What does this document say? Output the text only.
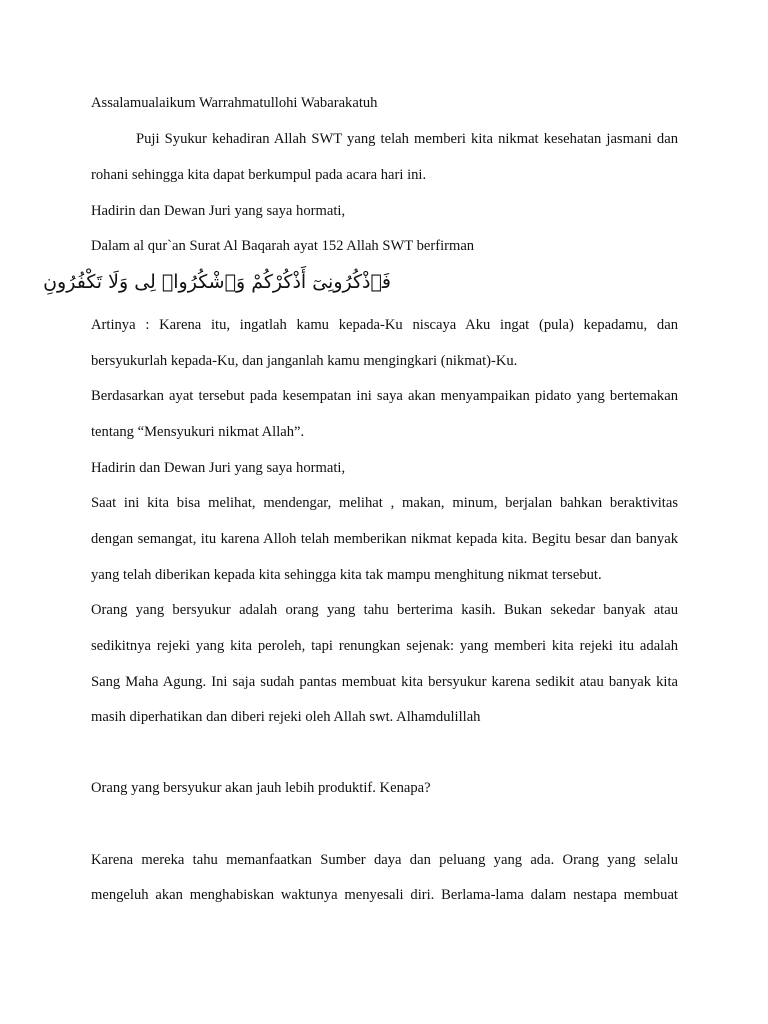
Assalamualaikum Warrahmatullohi Wabarakatuh
Puji Syukur kehadiran Allah SWT yang telah memberi kita nikmat kesehatan jasmani dan
rohani sehingga kita dapat berkumpul pada acara hari ini.
Hadirin dan Dewan Juri yang saya hormati,
Dalam al qur`an Surat Al Baqarah ayat 152 Allah SWT berfirman
فَٱذْكُرُونِىٓ أَذْكُرْكُمْ وَٱشْكُرُوا۟ لِى وَلَا تَكْفُرُونِ
Artinya : Karena itu, ingatlah kamu kepada-Ku niscaya Aku ingat (pula) kepadamu, dan
bersyukurlah kepada-Ku, dan janganlah kamu mengingkari (nikmat)-Ku.
Berdasarkan ayat tersebut pada kesempatan ini saya akan menyampaikan pidato yang bertemakan
tentang “Mensyukuri nikmat Allah”.
Hadirin dan Dewan Juri yang saya hormati,
Saat ini kita bisa melihat, mendengar, melihat , makan, minum, berjalan bahkan beraktivitas
dengan semangat, itu karena Alloh telah memberikan nikmat kepada kita. Begitu besar dan banyak
yang telah diberikan kepada kita sehingga kita tak mampu menghitung nikmat tersebut.
Orang yang bersyukur adalah orang yang tahu berterima kasih. Bukan sekedar banyak atau
sedikitnya rejeki yang kita peroleh, tapi renungkan sejenak: yang memberi kita rejeki itu adalah
Sang Maha Agung. Ini saja sudah pantas membuat kita bersyukur karena sedikit atau banyak kita
masih diperhatikan dan diberi rejeki oleh Allah swt. Alhamdulillah
Orang yang bersyukur akan jauh lebih produktif. Kenapa?
Karena mereka tahu memanfaatkan Sumber daya dan peluang yang ada. Orang yang selalu
mengeluh akan menghabiskan waktunya menyesali diri. Berlama-lama dalam nestapa membuat
